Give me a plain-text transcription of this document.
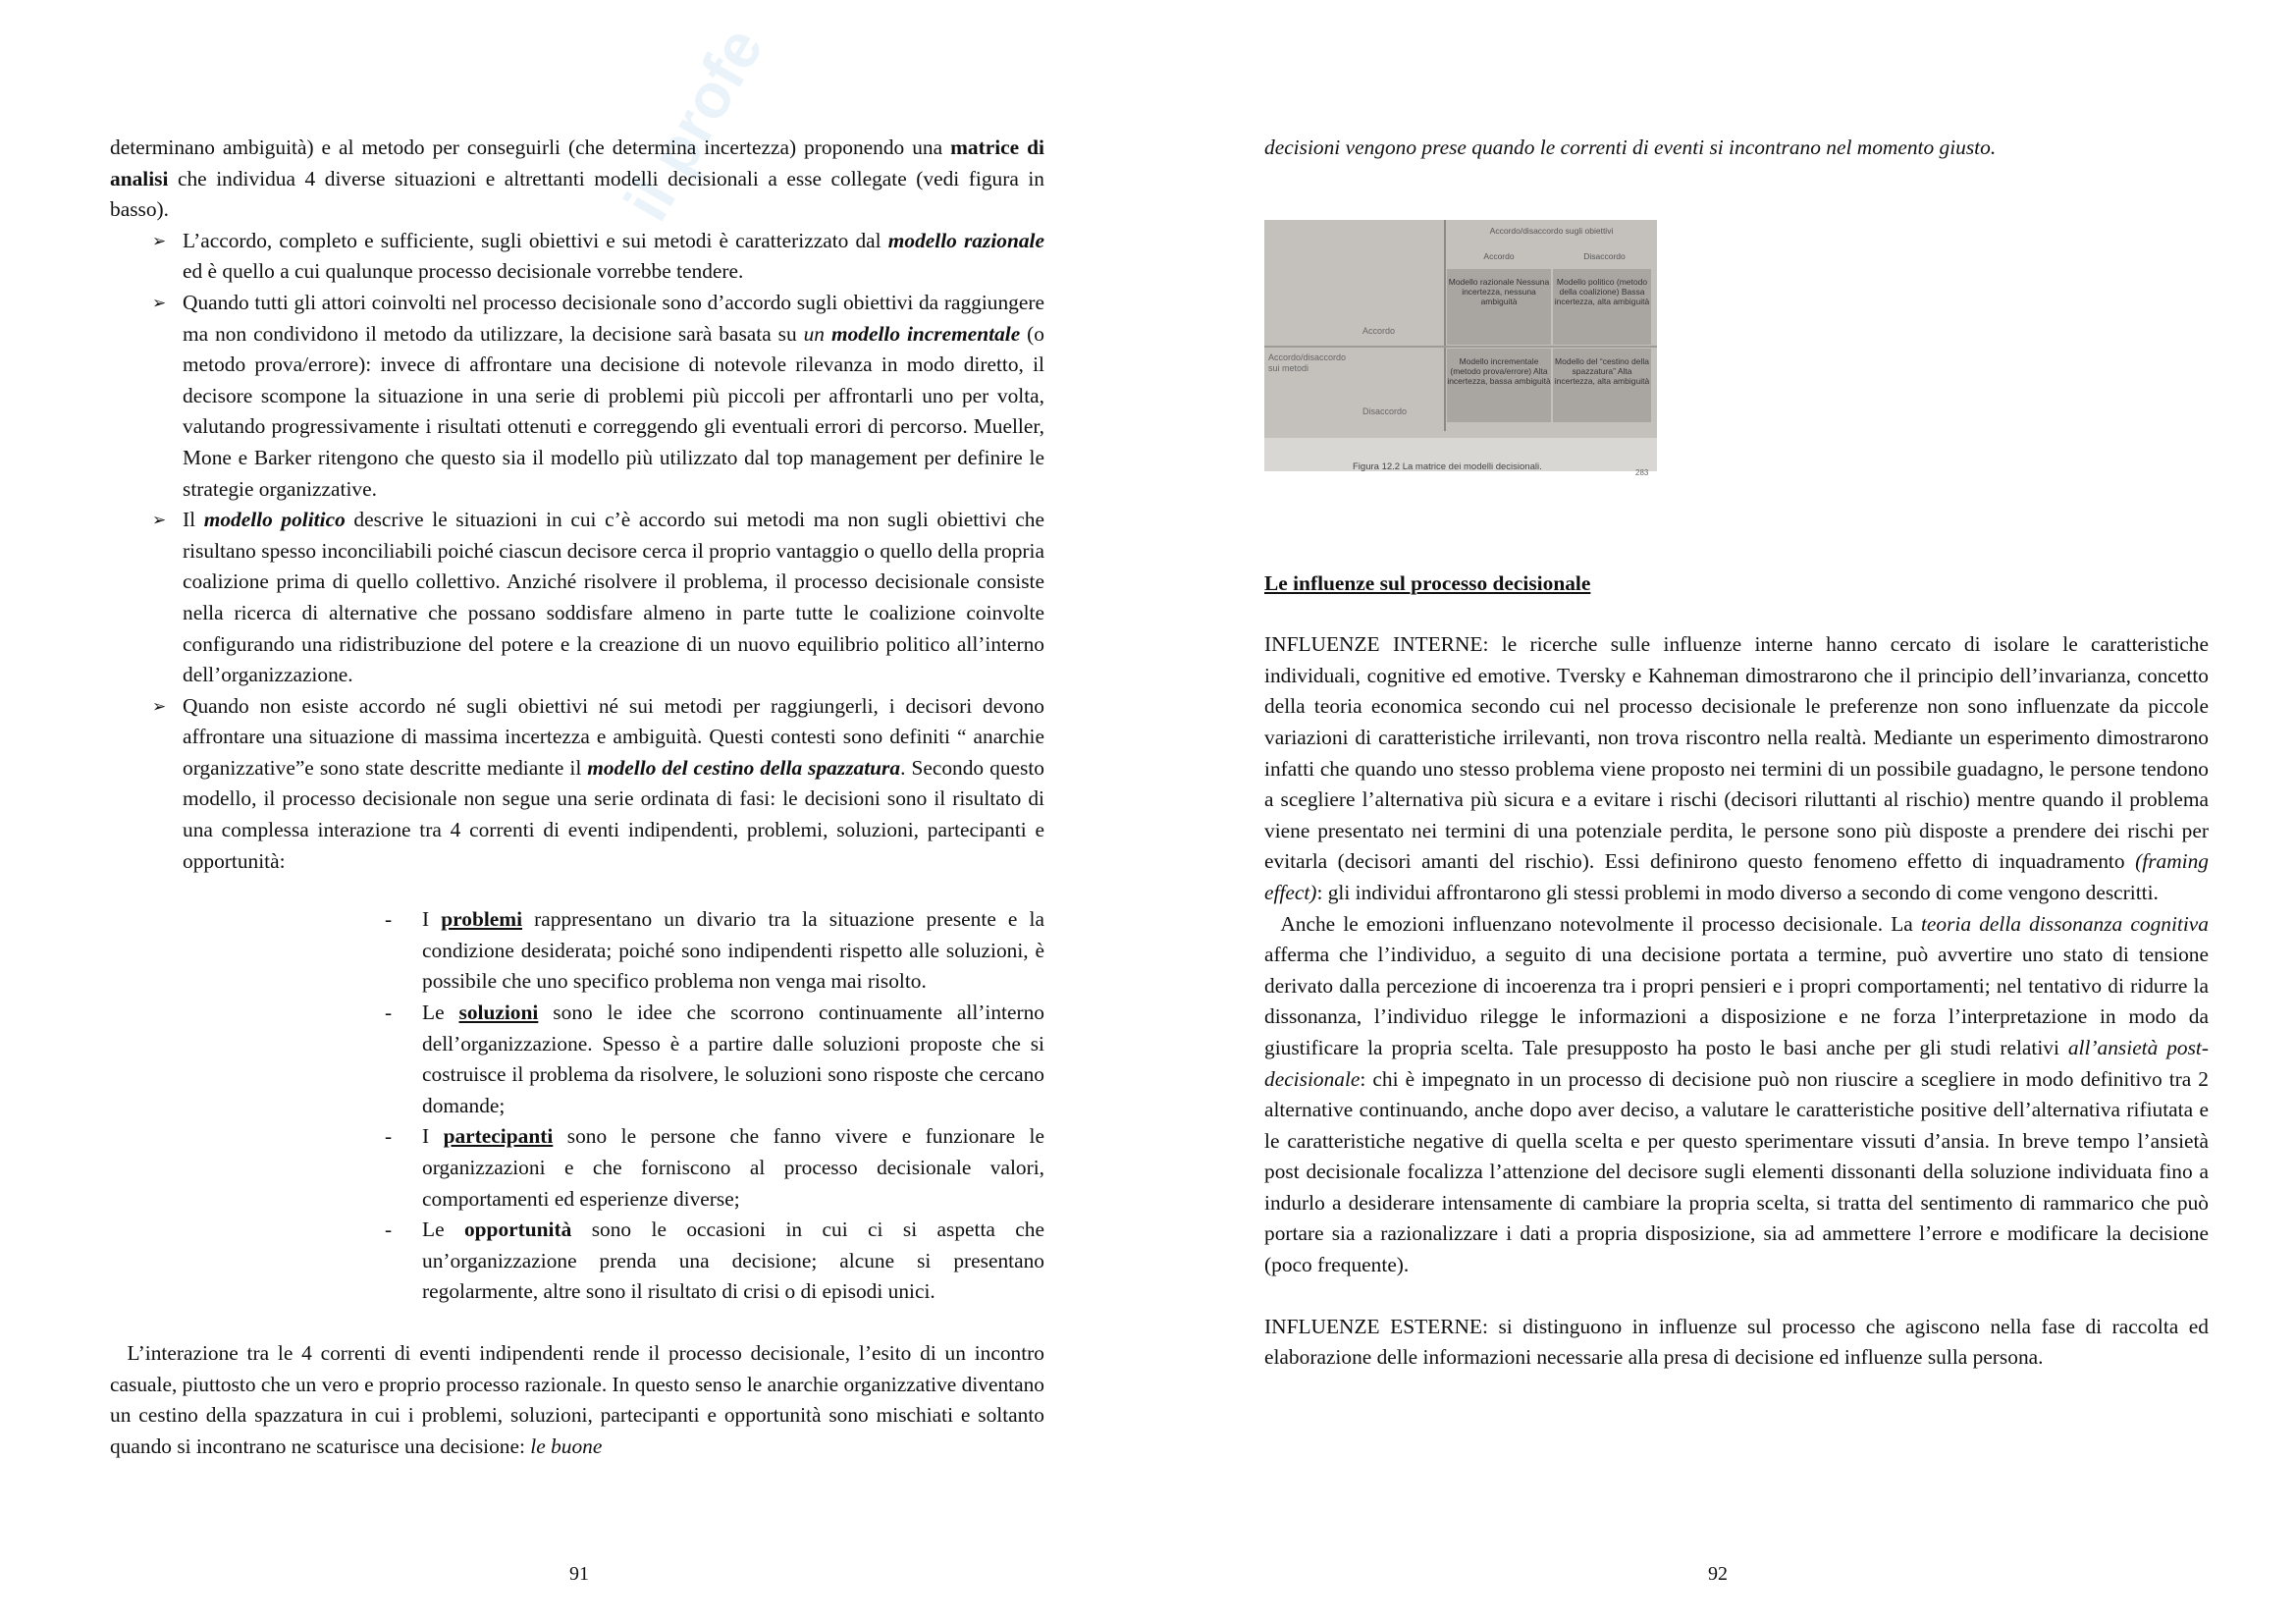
il profe

determinano ambiguità) e al metodo per conseguirli (che determina incertezza) proponendo una matrice di analisi che individua 4 diverse situazioni e altrettanti modelli decisionali a esse collegate (vedi figura in basso).

➢ L’accordo, completo e sufficiente, sugli obiettivi e sui metodi è caratterizzato dal modello razionale ed è quello a cui qualunque processo decisionale vorrebbe tendere.
➢ Quando tutti gli attori coinvolti nel processo decisionale sono d’accordo sugli obiettivi da raggiungere ma non condividono il metodo da utilizzare, la decisione sarà basata su un modello incrementale (o metodo prova/errore): invece di affrontare una decisione di notevole rilevanza in modo diretto, il decisore scompone la situazione in una serie di problemi più piccoli per affrontarli uno per volta, valutando progressivamente i risultati ottenuti e correggendo gli eventuali errori di percorso. Mueller, Mone e Barker ritengono che questo sia il modello più utilizzato dal top management per definire le strategie organizzative.
➢ Il modello politico descrive le situazioni in cui c’è accordo sui metodi ma non sugli obiettivi che risultano spesso inconciliabili poiché ciascun decisore cerca il proprio vantaggio o quello della propria coalizione prima di quello collettivo. Anziché risolvere il problema, il processo decisionale consiste nella ricerca di alternative che possano soddisfare almeno in parte tutte le coalizione coinvolte configurando una ridistribuzione del potere e la creazione di un nuovo equilibrio politico all’interno dell’organizzazione.
➢ Quando non esiste accordo né sugli obiettivi né sui metodi per raggiungerli, i decisori devono affrontare una situazione di massima incertezza e ambiguità. Questi contesti sono definiti “ anarchie organizzative”e sono state descritte mediante il modello del cestino della spazzatura. Secondo questo modello, il processo decisionale non segue una serie ordinata di fasi: le decisioni sono il risultato di una complessa interazione tra 4 correnti di eventi indipendenti, problemi, soluzioni, partecipanti e opportunità:
- I problemi rappresentano un divario tra la situazione presente e la condizione desiderata; poiché sono indipendenti rispetto alle soluzioni, è possibile che uno specifico problema non venga mai risolto.
- Le soluzioni sono le idee che scorrono continuamente all’interno dell’organizzazione. Spesso è a partire dalle soluzioni proposte che si costruisce il problema da risolvere, le soluzioni sono risposte che cercano domande;
- I partecipanti sono le persone che fanno vivere e funzionare le organizzazioni e che forniscono al processo decisionale valori, comportamenti ed esperienze diverse;
- Le opportunità sono le occasioni in cui ci si aspetta che un’organizzazione prenda una decisione; alcune si presentano regolarmente, altre sono il risultato di crisi o di episodi unici.

L’interazione tra le 4 correnti di eventi indipendenti rende il processo decisionale, l’esito di un incontro casuale, piuttosto che un vero e proprio processo razionale. In questo senso le anarchie organizzative diventano un cestino della spazzatura in cui i problemi, soluzioni, partecipanti e opportunità sono mischiati e soltanto quando si incontrano ne scaturisce una decisione: le buone

91

decisioni vengono prese quando le correnti di eventi si incontrano nel momento giusto.

Accordo/disaccordo sugli obiettivi
Accordo	Disaccordo
Accordo/disaccordo sui metodi
Accordo
Disaccordo
Modello razionale Nessuna incertezza, nessuna ambiguità
Modello politico (metodo della coalizione) Bassa incertezza, alta ambiguità
Modello incrementale (metodo prova/errore) Alta incertezza, bassa ambiguità
Modello del “cestino della spazzatura” Alta incertezza, alta ambiguità
Figura 12.2 La matrice dei modelli decisionali.
283

Le influenze sul processo decisionale

INFLUENZE INTERNE: le ricerche sulle influenze interne hanno cercato di isolare le caratteristiche individuali, cognitive ed emotive. Tversky e Kahneman dimostrarono che il principio dell’invarianza, concetto della teoria economica secondo cui nel processo decisionale le preferenze non sono influenzate da piccole variazioni di caratteristiche irrilevanti, non trova riscontro nella realtà. Mediante un esperimento dimostrarono infatti che quando uno stesso problema viene proposto nei termini di un possibile guadagno, le persone tendono a scegliere l’alternativa più sicura e a evitare i rischi (decisori riluttanti al rischio) mentre quando il problema viene presentato nei termini di una potenziale perdita, le persone sono più disposte a prendere dei rischi per evitarla (decisori amanti del rischio). Essi definirono questo fenomeno effetto di inquadramento (framing effect): gli individui affrontarono gli stessi problemi in modo diverso a secondo di come vengono descritti.

Anche le emozioni influenzano notevolmente il processo decisionale. La teoria della dissonanza cognitiva afferma che l’individuo, a seguito di una decisione portata a termine, può avvertire uno stato di tensione derivato dalla percezione di incoerenza tra i propri pensieri e i propri comportamenti; nel tentativo di ridurre la dissonanza, l’individuo rilegge le informazioni a disposizione e ne forza l’interpretazione in modo da giustificare la propria scelta. Tale presupposto ha posto le basi anche per gli studi relativi all’ansietà post-decisionale: chi è impegnato in un processo di decisione può non riuscire a scegliere in modo definitivo tra 2 alternative continuando, anche dopo aver deciso, a valutare le caratteristiche positive dell’alternativa rifiutata e le caratteristiche negative di quella scelta e per questo sperimentare vissuti d’ansia. In breve tempo l’ansietà post decisionale focalizza l’attenzione del decisore sugli elementi dissonanti della soluzione individuata fino a indurlo a desiderare intensamente di cambiare la propria scelta, si tratta del sentimento di rammarico che può portare sia a razionalizzare i dati a propria disposizione, sia ad ammettere l’errore e modificare la decisione (poco frequente).

INFLUENZE ESTERNE: si distinguono in influenze sul processo che agiscono nella fase di raccolta ed elaborazione delle informazioni necessarie alla presa di decisione ed influenze sulla persona.

92
